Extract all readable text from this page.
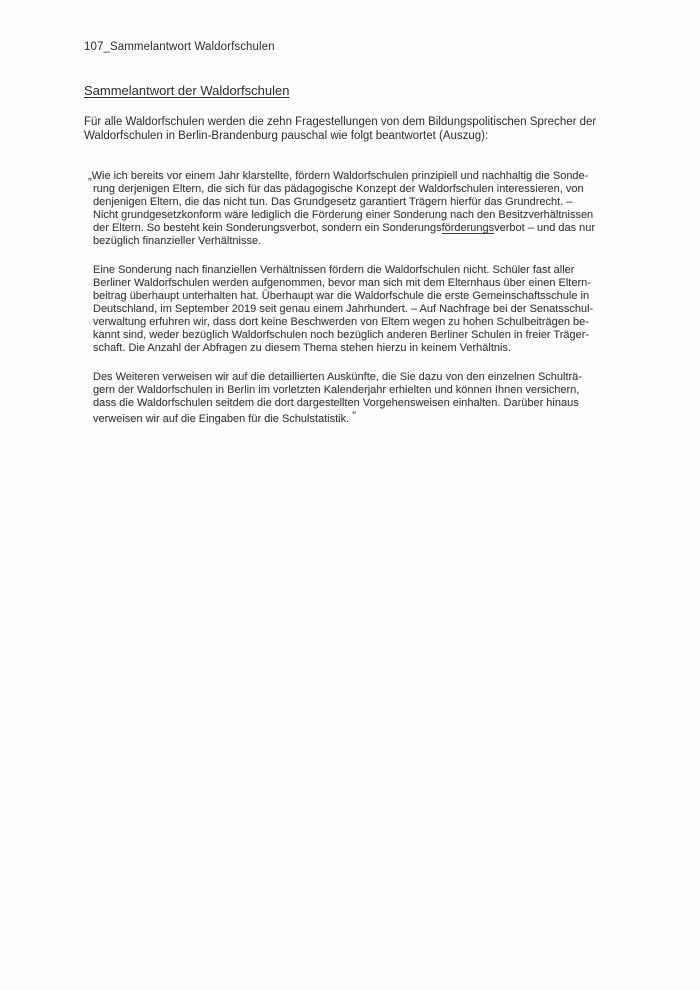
107_Sammelantwort Waldorfschulen
Sammelantwort der Waldorfschulen
Für alle Waldorfschulen werden die zehn Fragestellungen von dem Bildungspolitischen Sprecher der
Waldorfschulen in Berlin-Brandenburg pauschal wie folgt beantwortet (Auszug):
„Wie ich bereits vor einem Jahr klarstellte, fördern Waldorfschulen prinzipiell und nachhaltig die Sonde-
rung derjenigen Eltern, die sich für das pädagogische Konzept der Waldorfschulen interessieren, von
denjenigen Eltern, die das nicht tun. Das Grundgesetz garantiert Trägern hierfür das Grundrecht. –
Nicht grundgesetzkonform wäre lediglich die Förderung einer Sonderung nach den Besitzverhältnissen
der Eltern. So besteht kein Sonderungsverbot, sondern ein Sonderungsförderungsverbot – und das nur
bezüglich finanzieller Verhältnisse.
Eine Sonderung nach finanziellen Verhältnissen fördern die Waldorfschulen nicht. Schüler fast aller
Berliner Waldorfschulen werden aufgenommen, bevor man sich mit dem Elternhaus über einen Eltern-
beitrag überhaupt unterhalten hat. Überhaupt war die Waldorfschule die erste Gemeinschaftsschule in
Deutschland, im September 2019 seit genau einem Jahrhundert. – Auf Nachfrage bei der Senatsschul-
verwaltung erfuhren wir, dass dort keine Beschwerden von Eltern wegen zu hohen Schulbeiträgen be-
kannt sind, weder bezüglich Waldorfschulen noch bezüglich anderen Berliner Schulen in freier Träger-
schaft. Die Anzahl der Abfragen zu diesem Thema stehen hierzu in keinem Verhältnis.
Des Weiteren verweisen wir auf die detaillierten Auskünfte, die Sie dazu von den einzelnen Schulträ-
gern der Waldorfschulen in Berlin im vorletzten Kalenderjahr erhielten und können Ihnen versichern,
dass die Waldorfschulen seitdem die dort dargestellten Vorgehensweisen einhalten. Darüber hinaus
verweisen wir auf die Eingaben für die Schulstatistik. ”
